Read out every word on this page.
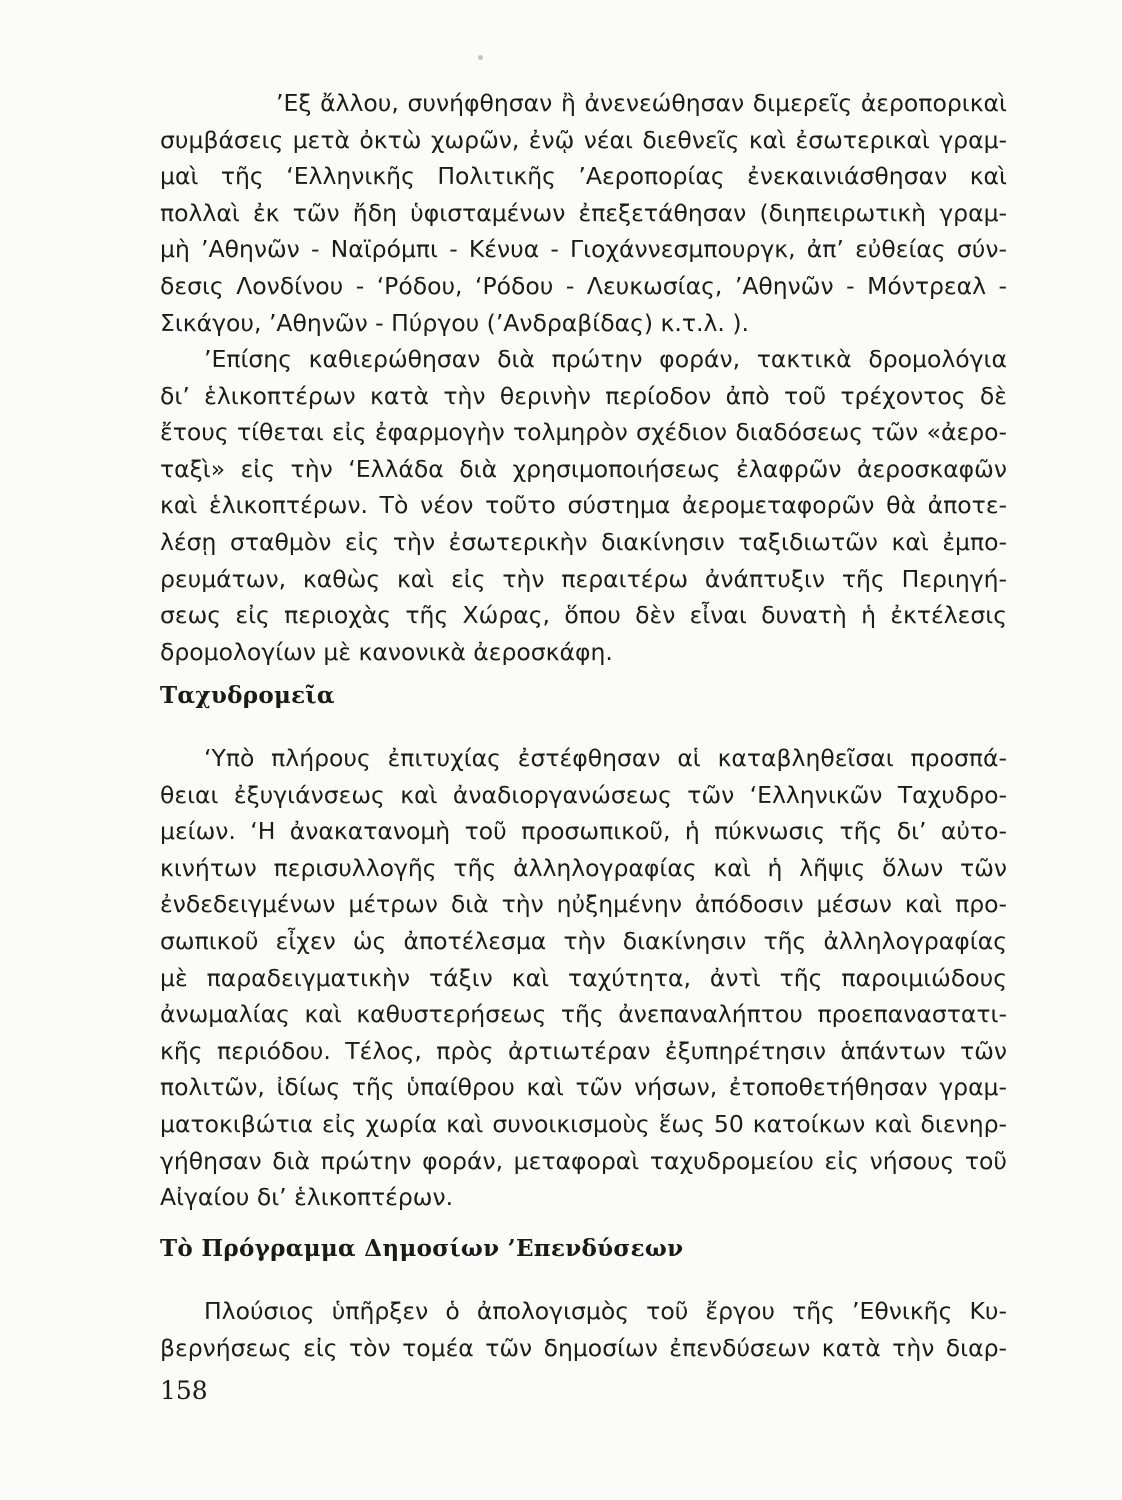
’Εξ ἄλλου, συνήφθησαν ἢ ἀνενεώθησαν διμερεῖς ἀεροπορικαὶ
συμβάσεις μετὰ ὀκτὼ χωρῶν, ἐνῷ νέαι διεθνεῖς καὶ ἐσωτερικαὶ γραμ-
μαὶ τῆς ‘Ελληνικῆς Πολιτικῆς ’Αεροπορίας ἐνεκαινιάσθησαν καὶ
πολλαὶ ἐκ τῶν ἤδη ὑφισταμένων ἐπεξετάθησαν (διηπειρωτικὴ γραμ-
μὴ ’Αθηνῶν - Ναϊρόμπι - Κένυα - Γιοχάννεσμπουργκ, ἀπ’ εὐθείας σύν-
δεσις Λονδίνου - ‘Ρόδου, ‘Ρόδου - Λευκωσίας, ’Αθηνῶν - Μόντρεαλ -
Σικάγου, ’Αθηνῶν - Πύργου (’Ανδραβίδας) κ.τ.λ. ).
’Επίσης καθιερώθησαν διὰ πρώτην φοράν, τακτικὰ δρομολόγια
δι’ ἑλικοπτέρων κατὰ τὴν θερινὴν περίοδον ἀπὸ τοῦ τρέχοντος δὲ
ἔτους τίθεται εἰς ἐφαρμογὴν τολμηρὸν σχέδιον διαδόσεως τῶν «ἀερο-
ταξὶ» εἰς τὴν ‘Ελλάδα διὰ χρησιμοποιήσεως ἐλαφρῶν ἀεροσκαφῶν
καὶ ἑλικοπτέρων. Τὸ νέον τοῦτο σύστημα ἀερομεταφορῶν θὰ ἀποτε-
λέσῃ σταθμὸν εἰς τὴν ἐσωτερικὴν διακίνησιν ταξιδιωτῶν καὶ ἐμπο-
ρευμάτων, καθὼς καὶ εἰς τὴν περαιτέρω ἀνάπτυξιν τῆς Περιηγή-
σεως εἰς περιοχὰς τῆς Χώρας, ὅπου δὲν εἶναι δυνατὴ ἡ ἐκτέλεσις
δρομολογίων μὲ κανονικὰ ἀεροσκάφη.
Ταχυδρομεῖα
‘Υπὸ πλήρους ἐπιτυχίας ἐστέφθησαν αἱ καταβληθεῖσαι προσπά-
θειαι ἐξυγιάνσεως καὶ ἀναδιοργανώσεως τῶν ‘Ελληνικῶν Ταχυδρο-
μείων. ‘Η ἀνακατανομὴ τοῦ προσωπικοῦ, ἡ πύκνωσις τῆς δι’ αὐτο-
κινήτων περισυλλογῆς τῆς ἀλληλογραφίας καὶ ἡ λῆψις ὅλων τῶν
ἐνδεδειγμένων μέτρων διὰ τὴν ηὐξημένην ἀπόδοσιν μέσων καὶ προ-
σωπικοῦ εἶχεν ὡς ἀποτέλεσμα τὴν διακίνησιν τῆς ἀλληλογραφίας
μὲ παραδειγματικὴν τάξιν καὶ ταχύτητα, ἀντὶ τῆς παροιμιώδους
ἀνωμαλίας καὶ καθυστερήσεως τῆς ἀνεπαναλήπτου προεπαναστατι-
κῆς περιόδου. Τέλος, πρὸς ἀρτιωτέραν ἐξυπηρέτησιν ἁπάντων τῶν
πολιτῶν, ἰδίως τῆς ὑπαίθρου καὶ τῶν νήσων, ἐτοποθετήθησαν γραμ-
ματοκιβώτια εἰς χωρία καὶ συνοικισμοὺς ἕως 50 κατοίκων καὶ διενηρ-
γήθησαν διὰ πρώτην φοράν, μεταφοραὶ ταχυδρομείου εἰς νήσους τοῦ
Αἰγαίου δι’ ἑλικοπτέρων.
Τὸ Πρόγραμμα Δημοσίων ’Επενδύσεων
Πλούσιος ὑπῆρξεν ὁ ἀπολογισμὸς τοῦ ἔργου τῆς ’Εθνικῆς Κυ-
βερνήσεως εἰς τὸν τομέα τῶν δημοσίων ἐπενδύσεων κατὰ τὴν διαρ-
158
